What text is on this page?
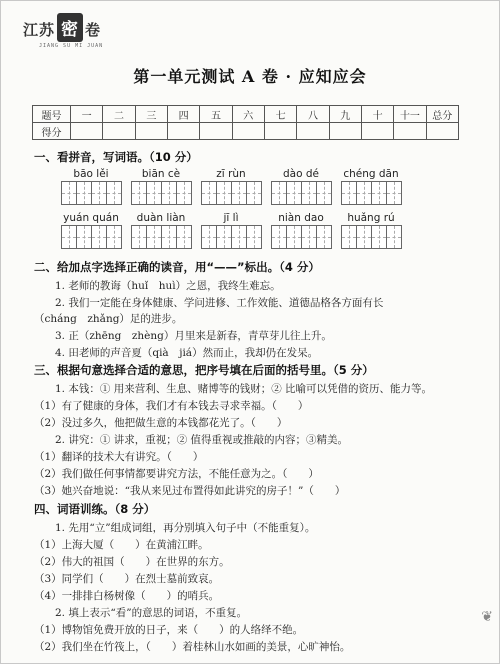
江苏 密 卷
JIANG SU MI JUAN
第一单元测试 A 卷 · 应知应会
题号	一	二	三	四	五	六	七	八	九	十	十一	总分
得分												
一、看拼音，写词语。（10 分）
bāo lěi	biān cè	zī rùn	dào dé	chéng dān
yuán quán	duàn liàn	jī lì	niàn dao	huǎng rú
二、给加点字选择正确的读音，用“——”标出。（4 分）
1. 老师的教诲（huǐ　huì）之恩，我终生难忘。
2. 我们一定能在身体健康、学问进修、工作效能、道德品格各方面有长
（cháng　zhǎng）足的进步。
3. 正（zhēng　zhèng）月里来是新春，青草芽儿往上升。
4. 田老师的声音夏（qià　jiá）然而止，我却仍在发呆。
三、根据句意选择合适的意思，把序号填在后面的括号里。（5 分）
1. 本钱：① 用来营利、生息、赌博等的钱财；② 比喻可以凭借的资历、能力等。
（1）有了健康的身体，我们才有本钱去寻求幸福。（　　）
（2）没过多久，他把做生意的本钱都花光了。（　　）
2. 讲究：① 讲求，重视；② 值得重视或推敲的内容；③精美。
（1）翻译的技术大有讲究。（　　）
（2）我们做任何事情都要讲究方法，不能任意为之。（　　）
（3）她兴奋地说：“我从来见过布置得如此讲究的房子！”（　　）
四、词语训练。（8 分）
1. 先用“立”组成词组，再分别填入句子中（不能重复）。
（1）上海大厦（　　）在黄浦江畔。
（2）伟大的祖国（　　）在世界的东方。
（3）同学们（　　）在烈士墓前致哀。
（4）一排排白杨树像（　　）的哨兵。
2. 填上表示“看”的意思的词语，不重复。
（1）博物馆免费开放的日子，来（　　）的人络绎不绝。
（2）我们坐在竹筏上，（　　）着桂林山水如画的美景，心旷神怡。
❦
